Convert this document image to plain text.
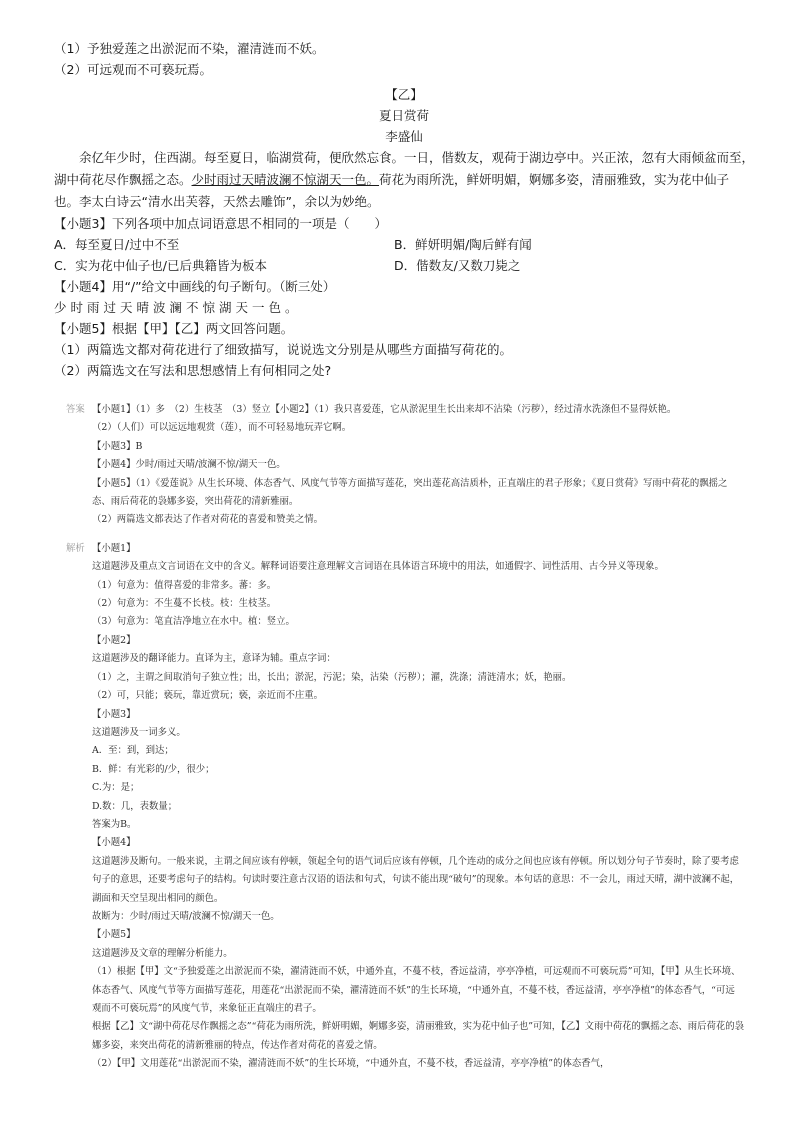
（1）予独爱莲之出淤泥而不染，濯清涟而不妖。
（2）可远观而不可亵玩焉。
【乙】
夏日赏荷
李盛仙

余亿年少时，住西湖。每至夏日，临湖赏荷，便欣然忘食。一日，偕数友，观荷于湖边亭中。兴正浓，忽有大雨倾盆而至，湖中荷花尽作飘摇之态。少时雨过天晴波澜不惊湖天一色。荷花为雨所洗，鲜妍明媚，婀娜多姿，清丽雅致，实为花中仙子也。李太白诗云“清水出芙蓉，天然去雕饰”，余以为妙绝。

【小题3】下列各项中加点词语意思不相同的一项是（　　）
A．每至夏日/过中不至	B．鲜妍明媚/陶后鲜有闻
C．实为花中仙子也/已后典籍皆为板本	D．偕数友/又数刀毙之
【小题4】用“/”给文中画线的句子断句。（断三处）
少时雨过天晴波澜不惊湖天一色。
【小题5】根据【甲】【乙】两文回答问题。
（1）两篇选文都对荷花进行了细致描写，说说选文分别是从哪些方面描写荷花的。
（2）两篇选文在写法和思想感情上有何相同之处?
答案 【小题1】（1）多　（2）生枝茎　（3）竖立【小题2】（1）我只喜爱莲，它从淤泥里生长出来却不沾染（污秽），经过清水洗涤但不显得妖艳。
（2）（人们）可以远远地观赏（莲），而不可轻易地玩弄它啊。
【小题3】B
【小题4】少时/雨过天晴/波澜不惊/湖天一色。
【小题5】（1）《爱莲说》从生长环境、体态香气、风度气节等方面描写莲花，突出莲花高洁质朴，正直端庄的君子形象；《夏日赏荷》写雨中荷花的飘摇之态、雨后荷花的袅娜多姿，突出荷花的清新雅丽。
（2）两篇选文都表达了作者对荷花的喜爱和赞美之情。
解析 【小题1】
这道题涉及重点文言词语在文中的含义。解释词语要注意理解文言词语在具体语言环境中的用法，如通假字、词性活用、古今异义等现象。
（1）句意为：值得喜爱的非常多。蕃：多。
（2）句意为：不生蔓不长枝。枝：生枝茎。
（3）句意为：笔直洁净地立在水中。植：竖立。
【小题2】
这道题涉及的翻译能力。直译为主，意译为辅。重点字词：
（1）之，主谓之间取消句子独立性；出，长出；淤泥，污泥；染，沾染（污秽）；濯，洗涤；清涟清水；妖，艳丽。
（2）可，只能；亵玩，靠近赏玩；亵，亲近而不庄重。
【小题3】
这道题涉及一词多义。
A．至：到，到达；
B．鲜：有光彩的/少，很少；
C.为：是；
D.数：几，表数量；
答案为B。
【小题4】
这道题涉及断句。一般来说，主谓之间应该有停顿，领起全句的语气词后应该有停顿，几个连动的成分之间也应该有停顿。所以划分句子节奏时，除了要考虑句子的意思，还要考虑句子的结构。句读时要注意古汉语的语法和句式，句读不能出现“破句”的现象。本句话的意思：不一会儿，雨过天晴，湖中波澜不起，湖面和天空呈现出相同的颜色。
故断为：少时/雨过天晴/波澜不惊/湖天一色。
【小题5】
这道题涉及文章的理解分析能力。
（1）根据【甲】文“予独爱莲之出淤泥而不染，濯清涟而不妖，中通外直，不蔓不枝，香远益清，亭亭净植，可远观而不可亵玩焉”可知，【甲】从生长环境、体态香气、风度气节等方面描写莲花，用莲花“出淤泥而不染，濯清涟而不妖”的生长环境，“中通外直，不蔓不枝，香远益清，亭亭净植”的体态香气，“可远观而不可亵玩焉”的风度气节，来象征正直端庄的君子。
根据【乙】文“湖中荷花尽作飘摇之态”“荷花为雨所洗，鲜妍明媚，婀娜多姿，清丽雅致，实为花中仙子也”可知，【乙】文雨中荷花的飘摇之态、雨后荷花的袅娜多姿，来突出荷花的清新雅丽的特点，传达作者对荷花的喜爱之情。
（2）【甲】文用莲花“出淤泥而不染，濯清涟而不妖”的生长环境，“中通外直，不蔓不枝，香远益清，亭亭净植”的体态香气，
